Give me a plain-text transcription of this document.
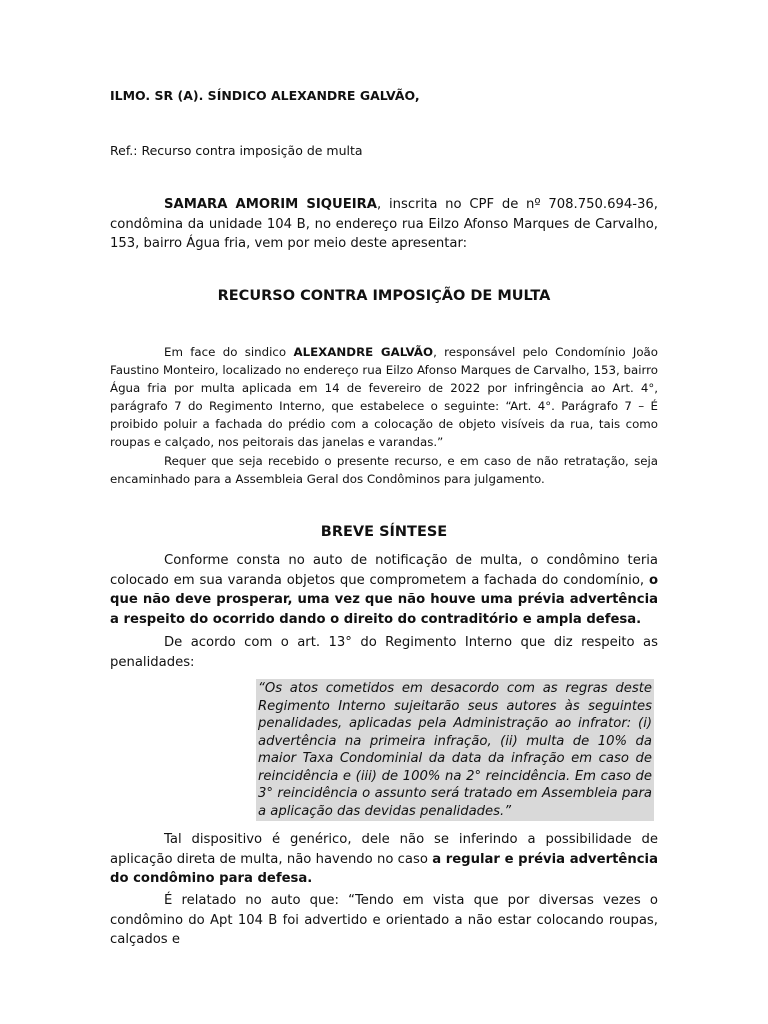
ILMO. SR (A). SÍNDICO ALEXANDRE GALVÃO,
Ref.: Recurso contra imposição de multa

SAMARA AMORIM SIQUEIRA, inscrita no CPF de nº 708.750.694-36, condômina da unidade 104 B, no endereço rua Eilzo Afonso Marques de Carvalho, 153, bairro Água fria, vem por meio deste apresentar:

RECURSO CONTRA IMPOSIÇÃO DE MULTA

Em face do sindico ALEXANDRE GALVÃO, responsável pelo Condomínio João Faustino Monteiro, localizado no endereço rua Eilzo Afonso Marques de Carvalho, 153, bairro Água fria por multa aplicada em 14 de fevereiro de 2022 por infringência ao Art. 4°, parágrafo 7 do Regimento Interno, que estabelece o seguinte: “Art. 4°. Parágrafo 7 – É proibido poluir a fachada do prédio com a colocação de objeto visíveis da rua, tais como roupas e calçado, nos peitorais das janelas e varandas.”

Requer que seja recebido o presente recurso, e em caso de não retratação, seja encaminhado para a Assembleia Geral dos Condôminos para julgamento.

BREVE SÍNTESE

Conforme consta no auto de notificação de multa, o condômino teria colocado em sua varanda objetos que comprometem a fachada do condomínio, o que não deve prosperar, uma vez que não houve uma prévia advertência a respeito do ocorrido dando o direito do contraditório e ampla defesa.

De acordo com o art. 13° do Regimento Interno que diz respeito as penalidades:

“Os atos cometidos em desacordo com as regras deste Regimento Interno sujeitarão seus autores às seguintes penalidades, aplicadas pela Administração ao infrator: (i) advertência na primeira infração, (ii) multa de 10% da maior Taxa Condominial da data da infração em caso de reincidência e (iii) de 100% na 2° reincidência. Em caso de 3° reincidência o assunto será tratado em Assembleia para a aplicação das devidas penalidades.”

Tal dispositivo é genérico, dele não se inferindo a possibilidade de aplicação direta de multa, não havendo no caso a regular e prévia advertência do condômino para defesa.

É relatado no auto que: “Tendo em vista que por diversas vezes o condômino do Apt 104 B foi advertido e orientado a não estar colocando roupas, calçados e
